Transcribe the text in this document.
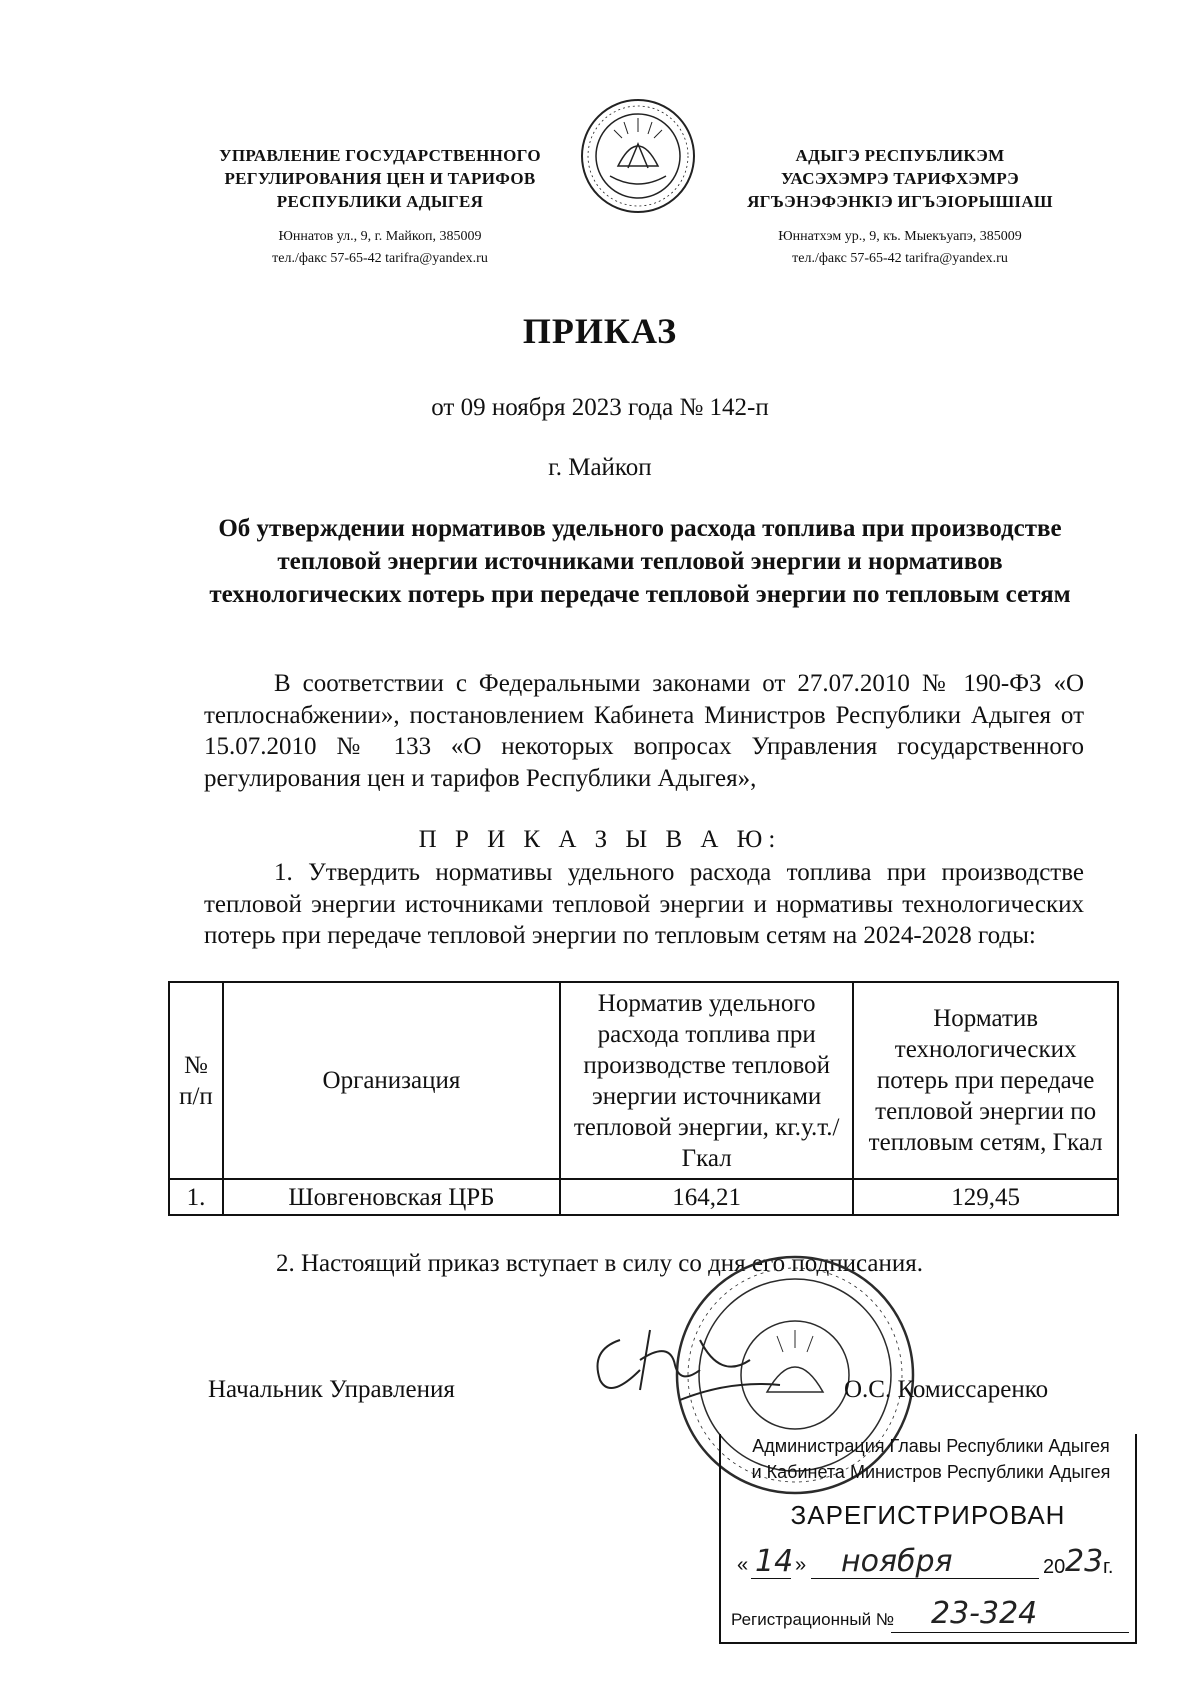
УПРАВЛЕНИЕ ГОСУДАРСТВЕННОГО
РЕГУЛИРОВАНИЯ ЦЕН И ТАРИФОВ
РЕСПУБЛИКИ АДЫГЕЯ
Юннатов ул., 9, г. Майкоп, 385009
тел./факс 57-65-42 tarifra@yandex.ru
АДЫГЭ РЕСПУБЛИКЭМ
УАСЭХЭМРЭ ТАРИФХЭМРЭ
ЯГЪЭНЭФЭНКIЭ ИГЪЭIОРЫШIАШ
Юннатхэм ур., 9, къ. Мыекъуапэ, 385009
тел./факс 57-65-42 tarifra@yandex.ru
ПРИКАЗ
от 09 ноября 2023 года № 142-п
г. Майкоп
Об утверждении нормативов удельного расхода топлива при производстве тепловой энергии источниками тепловой энергии и нормативов технологических потерь при передаче тепловой энергии по тепловым сетям
В соответствии с Федеральными законами от 27.07.2010 № 190-ФЗ «О теплоснабжении», постановлением Кабинета Министров Республики Адыгея от 15.07.2010 № 133 «О некоторых вопросах Управления государственного регулирования цен и тарифов Республики Адыгея»,
П Р И К А З Ы В А Ю:
1. Утвердить нормативы удельного расхода топлива при производстве тепловой энергии источниками тепловой энергии и нормативы технологических потерь при передаче тепловой энергии по тепловым сетям на 2024-2028 годы:
№ п/п	Организация	Норматив удельного расхода топлива при производстве тепловой энергии источниками тепловой энергии, кг.у.т./Гкал	Норматив технологических потерь при передаче тепловой энергии по тепловым сетям, Гкал
1.	Шовгеновская ЦРБ	164,21	129,45
2. Настоящий приказ вступает в силу со дня его подписания.
Начальник Управления	О.С. Комиссаренко
Администрация Главы Республики Адыгея
и Кабинета Министров Республики Адыгея
ЗАРЕГИСТРИРОВАН
« 14 » ноября	20 23 г.
Регистрационный № 23-324
